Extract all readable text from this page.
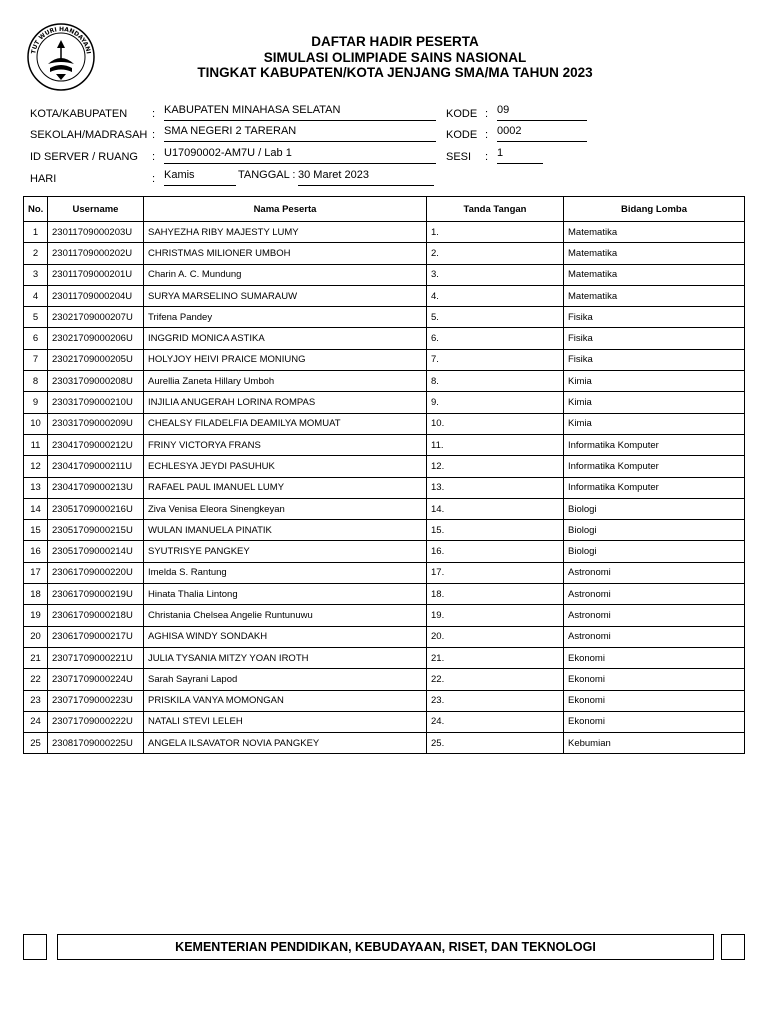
TUT WURI HANDAYANI
DAFTAR HADIR PESERTA
SIMULASI OLIMPIADE SAINS NASIONAL
TINGKAT KABUPATEN/KOTA JENJANG SMA/MA TAHUN 2023
KOTA/KABUPATEN : KABUPATEN MINAHASA SELATAN	KODE : 09
SEKOLAH/MADRASAH : SMA NEGERI 2 TARERAN	KODE : 0002
ID SERVER / RUANG : U17090002-AM7U / Lab 1	SESI : 1
HARI	: Kamis	TANGGAL : 30 Maret 2023
No.	Username	Nama Peserta	Tanda Tangan	Bidang Lomba
1	23011709000203U	SAHYEZHA RIBY MAJESTY LUMY	1.	Matematika
2	23011709000202U	CHRISTMAS MILIONER UMBOH	2.	Matematika
3	23011709000201U	Charin A. C. Mundung	3.	Matematika
4	23011709000204U	SURYA MARSELINO SUMARAUW	4.	Matematika
5	23021709000207U	Trifena Pandey	5.	Fisika
6	23021709000206U	INGGRID MONICA ASTIKA	6.	Fisika
7	23021709000205U	HOLYJOY HEIVI PRAICE MONIUNG	7.	Fisika
8	23031709000208U	Aurellia Zaneta Hillary Umboh	8.	Kimia
9	23031709000210U	INJILIA ANUGERAH LORINA ROMPAS	9.	Kimia
10	23031709000209U	CHEALSY FILADELFIA DEAMILYA MOMUAT	10.	Kimia
11	23041709000212U	FRINY VICTORYA FRANS	11.	Informatika Komputer
12	23041709000211U	ECHLESYA JEYDI PASUHUK	12.	Informatika Komputer
13	23041709000213U	RAFAEL PAUL IMANUEL LUMY	13.	Informatika Komputer
14	23051709000216U	Ziva Venisa Eleora Sinengkeyan	14.	Biologi
15	23051709000215U	WULAN IMANUELA PINATIK	15.	Biologi
16	23051709000214U	SYUTRISYE PANGKEY	16.	Biologi
17	23061709000220U	Imelda S. Rantung	17.	Astronomi
18	23061709000219U	Hinata Thalia Lintong	18.	Astronomi
19	23061709000218U	Christania Chelsea Angelie Runtunuwu	19.	Astronomi
20	23061709000217U	AGHISA WINDY SONDAKH	20.	Astronomi
21	23071709000221U	JULIA TYSANIA MITZY YOAN IROTH	21.	Ekonomi
22	23071709000224U	Sarah Sayrani Lapod	22.	Ekonomi
23	23071709000223U	PRISKILA VANYA MOMONGAN	23.	Ekonomi
24	23071709000222U	NATALI STEVI LELEH	24.	Ekonomi
25	23081709000225U	ANGELA ILSAVATOR NOVIA PANGKEY	25.	Kebumian
KEMENTERIAN PENDIDIKAN, KEBUDAYAAN, RISET, DAN TEKNOLOGI
